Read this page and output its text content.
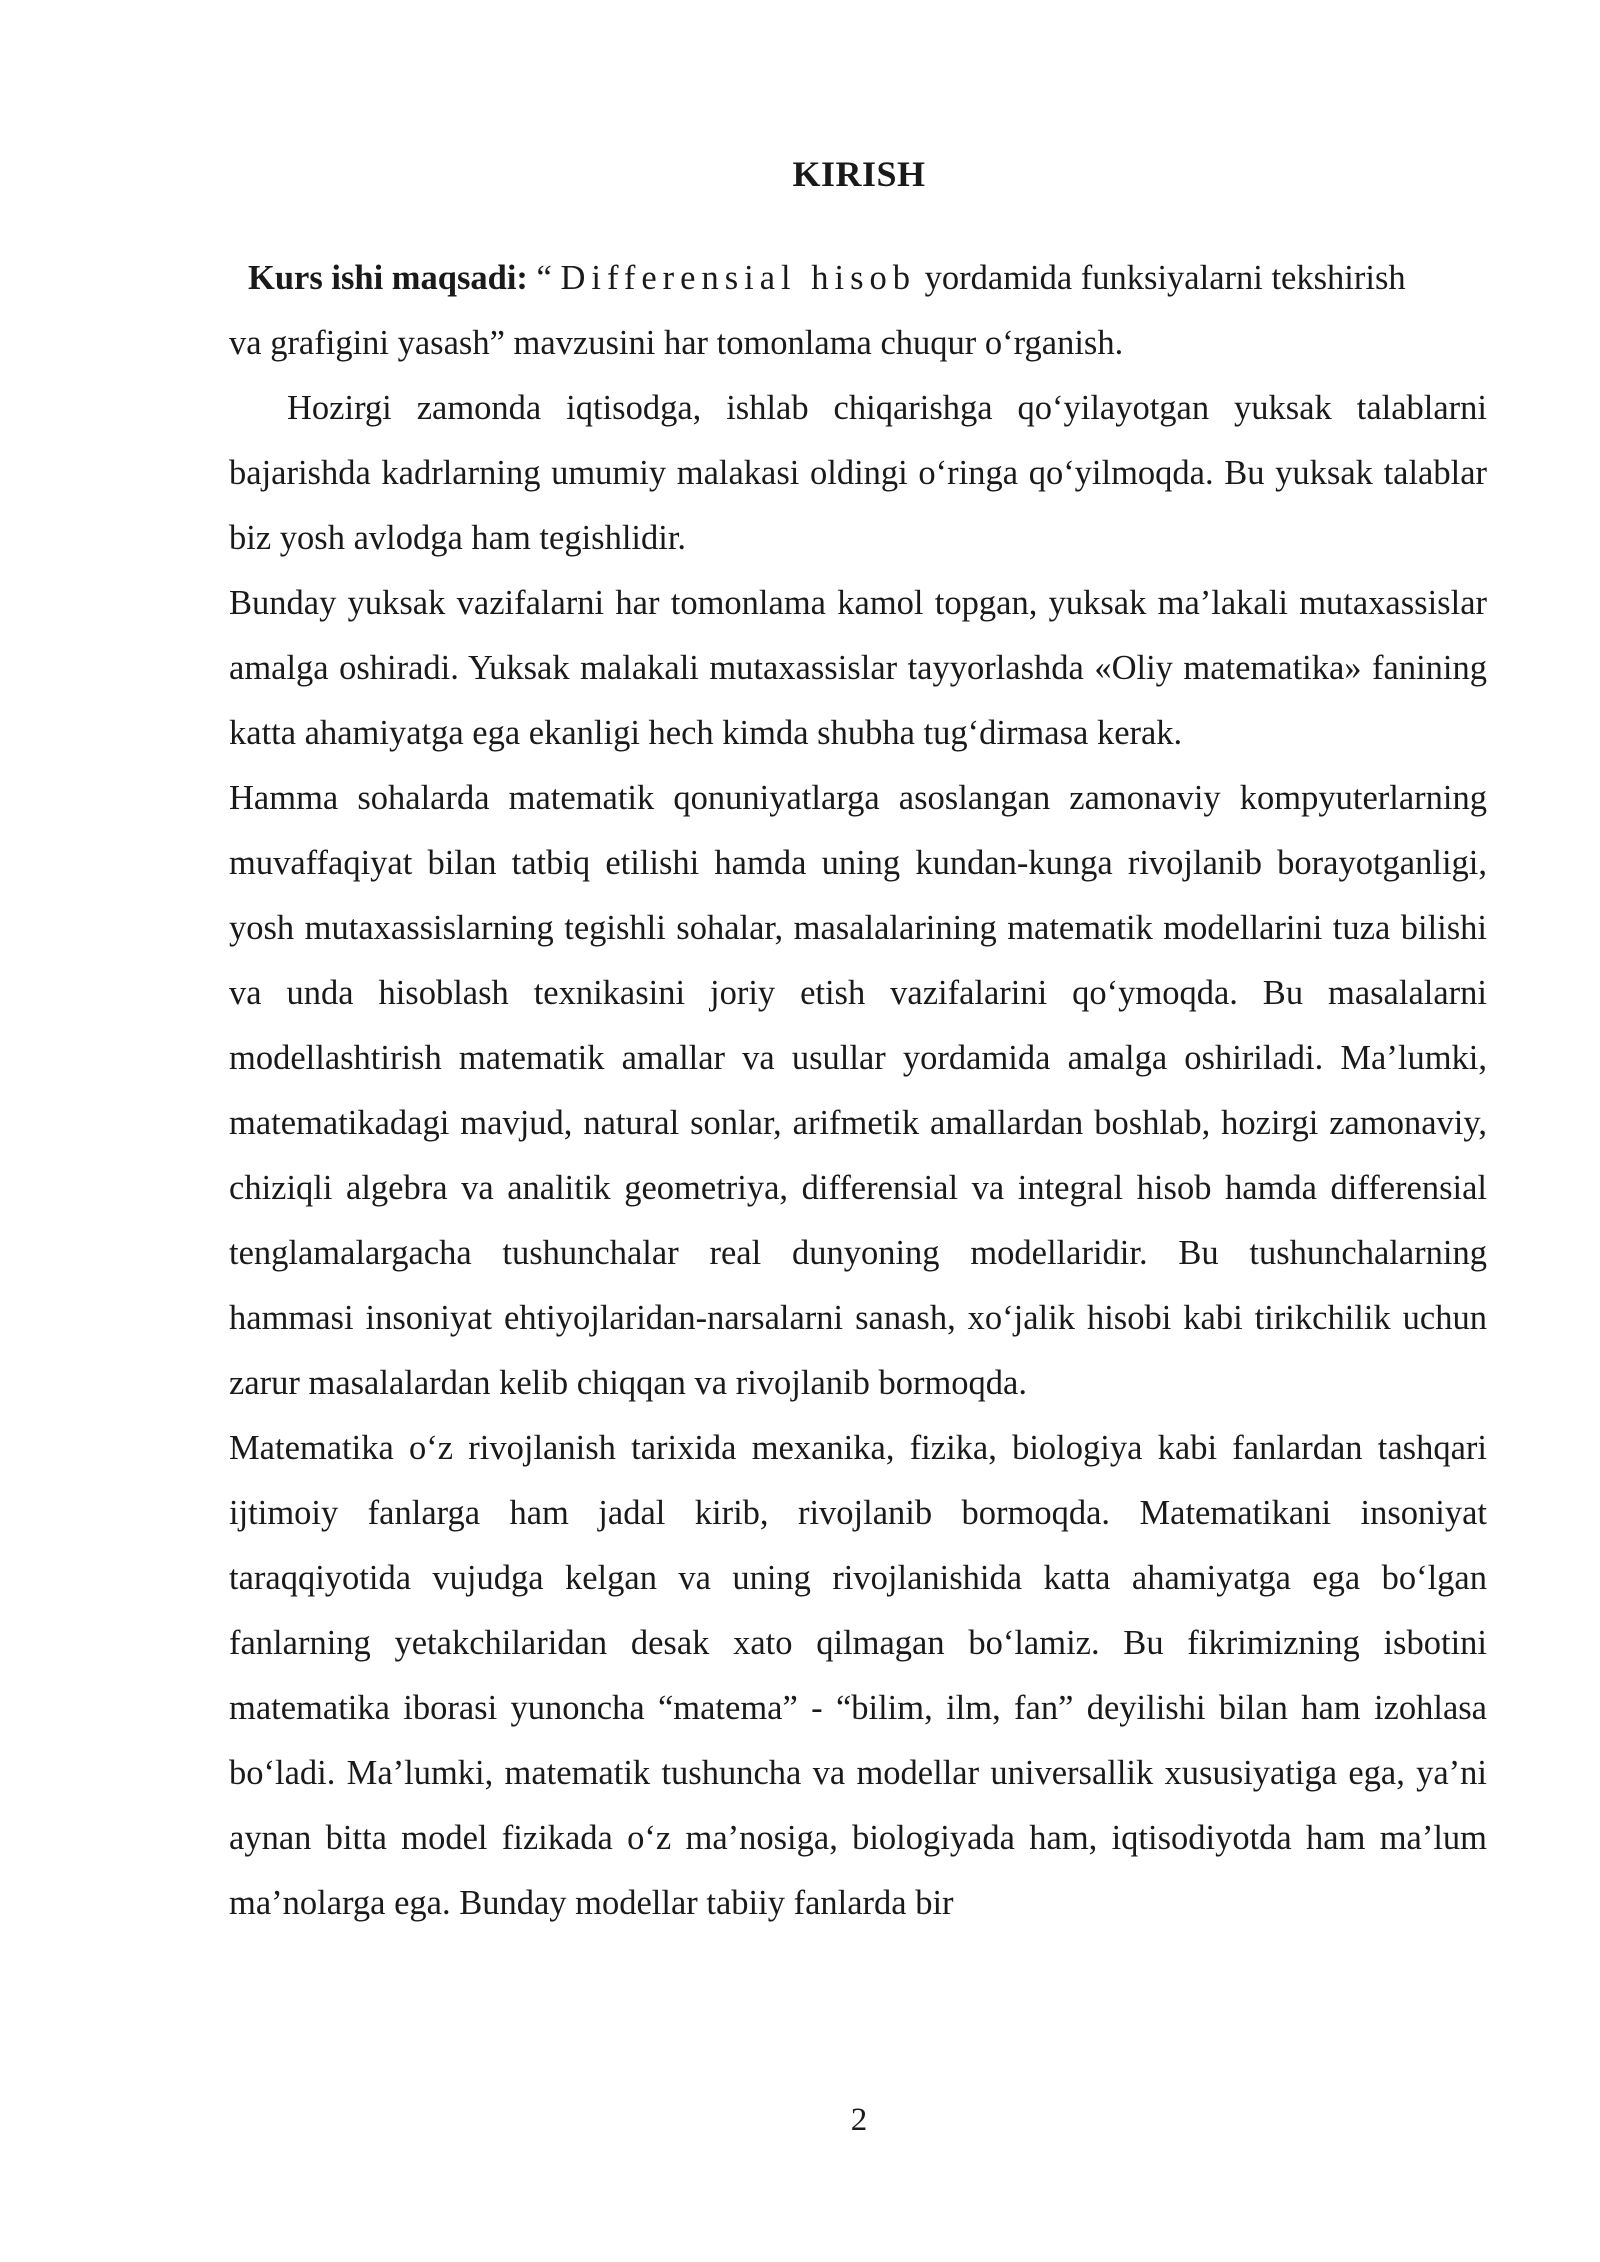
KIRISH

Kurs ishi maqsadi: “ Differensial hisob yordamida funksiyalarni tekshirish
va grafigini yasash” mavzusini har tomonlama chuqur o‘rganish.

Hozirgi zamonda iqtisodga, ishlab chiqarishga qo‘yilayotgan yuksak talablarni bajarishda kadrlarning umumiy malakasi oldingi o‘ringa qo‘yilmoqda. Bu yuksak talablar biz yosh avlodga ham tegishlidir.

Bunday yuksak vazifalarni har tomonlama kamol topgan, yuksak ma’lakali mutaxassislar amalga oshiradi. Yuksak malakali mutaxassislar tayyorlashda «Oliy matematika» fanining katta ahamiyatga ega ekanligi hech kimda shubha tug‘dirmasa kerak.

Hamma sohalarda matematik qonuniyatlarga asoslangan zamonaviy kompyuterlarning muvaffaqiyat bilan tatbiq etilishi hamda uning kundan-kunga rivojlanib borayotganligi, yosh mutaxassislarning tegishli sohalar, masalalarining matematik modellarini tuza bilishi va unda hisoblash texnikasini joriy etish vazifalarini qo‘ymoqda. Bu masalalarni modellashtirish matematik amallar va usullar yordamida amalga oshiriladi. Ma’lumki, matematikadagi mavjud, natural sonlar, arifmetik amallardan boshlab, hozirgi zamonaviy, chiziqli algebra va analitik geometriya, differensial va integral hisob hamda differensial tenglamalargacha tushunchalar real dunyoning modellaridir. Bu tushunchalarning hammasi insoniyat ehtiyojlaridan-narsalarni sanash, xo‘jalik hisobi kabi tirikchilik uchun zarur masalalardan kelib chiqqan va rivojlanib bormoqda.

Matematika o‘z rivojlanish tarixida mexanika, fizika, biologiya kabi fanlardan tashqari ijtimoiy fanlarga ham jadal kirib, rivojlanib bormoqda. Matematikani insoniyat taraqqiyotida vujudga kelgan va uning rivojlanishida katta ahamiyatga ega bo‘lgan fanlarning yetakchilaridan desak xato qilmagan bo‘lamiz. Bu fikrimizning isbotini matematika iborasi yunoncha “matema” - “bilim, ilm, fan” deyilishi bilan ham izohlasa bo‘ladi. Ma’lumki, matematik tushuncha va modellar universallik xususiyatiga ega, ya’ni aynan bitta model fizikada o‘z ma’nosiga, biologiyada ham, iqtisodiyotda ham ma’lum ma’nolarga ega. Bunday modellar tabiiy fanlarda bir

2
